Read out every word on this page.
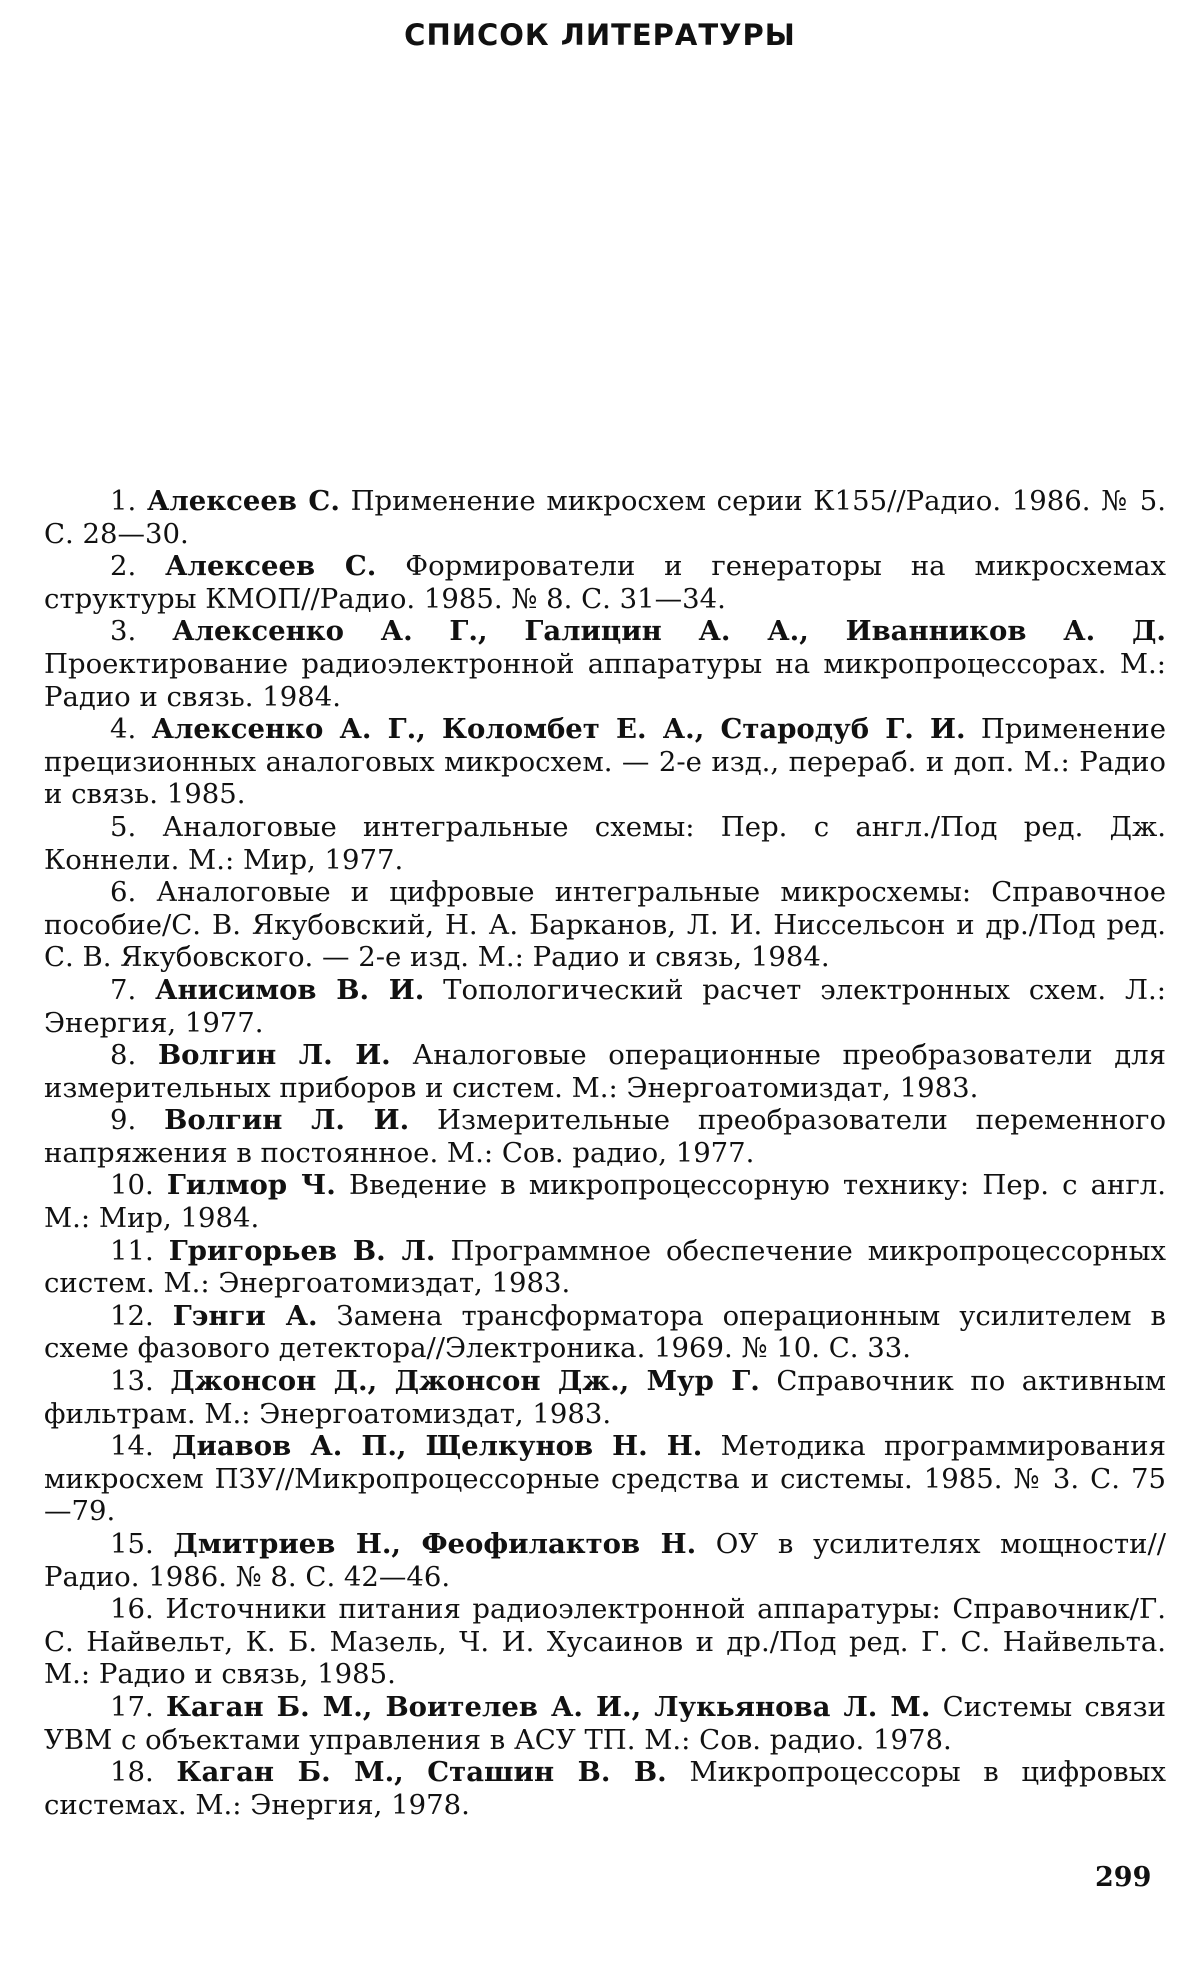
СПИСОК ЛИТЕРАТУРЫ

1. Алексеев С. Применение микросхем серии К155//Радио. 1986. № 5. С. 28—30.

2. Алексеев С. Формирователи и генераторы на микросхемах структуры КМОП//Радио. 1985. № 8. С. 31—34.

3. Алексенко А. Г., Галицин А. А., Иванников А. Д. Проектирование радиоэлектронной аппаратуры на микропроцессорах. М.: Радио и связь. 1984.

4. Алексенко А. Г., Коломбет Е. А., Стародуб Г. И. Применение прецизионных аналоговых микросхем. — 2-е изд., перераб. и доп. М.: Радио и связь. 1985.

5. Аналоговые интегральные схемы: Пер. с англ./Под ред. Дж. Коннели. М.: Мир, 1977.

6. Аналоговые и цифровые интегральные микросхемы: Справочное пособие/С. В. Якубовский, Н. А. Барканов, Л. И. Ниссельсон и др./Под ред. С. В. Якубовского. — 2-е изд. М.: Радио и связь, 1984.

7. Анисимов В. И. Топологический расчет электронных схем. Л.: Энергия, 1977.

8. Волгин Л. И. Аналоговые операционные преобразователи для измерительных приборов и систем. М.: Энергоатомиздат, 1983.

9. Волгин Л. И. Измерительные преобразователи переменного напряжения в постоянное. М.: Сов. радио, 1977.

10. Гилмор Ч. Введение в микропроцессорную технику: Пер. с англ. М.: Мир, 1984.

11. Григорьев В. Л. Программное обеспечение микропроцессорных систем. М.: Энергоатомиздат, 1983.

12. Гэнги А. Замена трансформатора операционным усилителем в схеме фазового детектора//Электроника. 1969. № 10. С. 33.

13. Джонсон Д., Джонсон Дж., Мур Г. Справочник по активным фильтрам. М.: Энергоатомиздат, 1983.

14. Диавов А. П., Щелкунов Н. Н. Методика программирования микросхем ПЗУ//Микропроцессорные средства и системы. 1985. № 3. С. 75—79.

15. Дмитриев Н., Феофилактов Н. ОУ в усилителях мощности// Радио. 1986. № 8. С. 42—46.

16. Источники питания радиоэлектронной аппаратуры: Справочник/Г. С. Найвельт, К. Б. Мазель, Ч. И. Хусаинов и др./Под ред. Г. С. Найвельта. М.: Радио и связь, 1985.

17. Каган Б. М., Воителев А. И., Лукьянова Л. М. Системы связи УВМ с объектами управления в АСУ ТП. М.: Сов. радио. 1978.

18. Каган Б. М., Сташин В. В. Микропроцессоры в цифровых системах. М.: Энергия, 1978.

299
